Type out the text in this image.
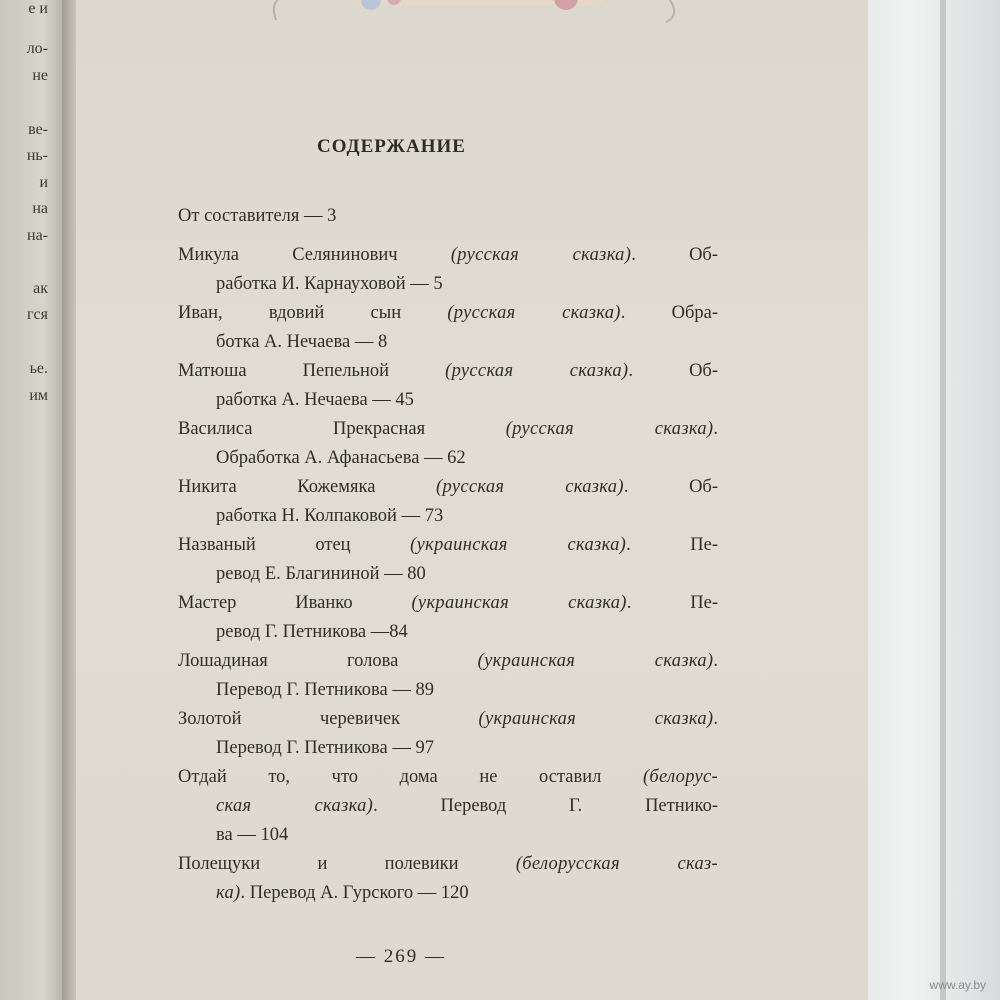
е и
ло-
не
ве-
нь-
и
на
на-
ак
гся
ье.
им
СОДЕРЖАНИЕ
От составителя — 3
Микула Селянинович (русская сказка). Об-
работка И. Карнауховой — 5
Иван, вдовий сын (русская сказка). Обра-
ботка А. Нечаева — 8
Матюша Пепельной (русская сказка). Об-
работка А. Нечаева — 45
Василиса Прекрасная (русская сказка).
Обработка А. Афанасьева — 62
Никита Кожемяка (русская сказка). Об-
работка Н. Колпаковой — 73
Названый отец (украинская сказка). Пе-
ревод Е. Благининой — 80
Мастер Иванко (украинская сказка). Пе-
ревод Г. Петникова —84
Лошадиная голова (украинская сказка).
Перевод Г. Петникова — 89
Золотой черевичек (украинская сказка).
Перевод Г. Петникова — 97
Отдай то, что дома не оставил (белорус-
ская сказка). Перевод Г. Петнико-
ва — 104
Полещуки и полевики (белорусская сказ-
ка). Перевод А. Гурского — 120
— 269 —
www.ay.by
